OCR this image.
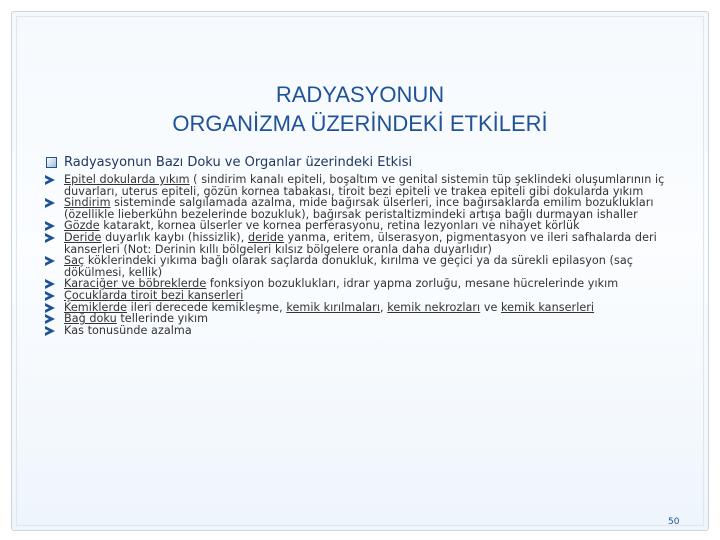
RADYASYONUN
ORGANİZMA ÜZERİNDEKİ ETKİLERİ
Radyasyonun Bazı Doku ve Organlar üzerindeki Etkisi
Epitel dokularda yıkım ( sindirim kanalı epiteli, boşaltım ve genital sistemin tüp şeklindeki oluşumlarının iç duvarları, uterus epiteli, gözün kornea tabakası, tiroit bezi epiteli ve trakea epiteli gibi dokularda yıkım
Sindirim sisteminde salgılamada azalma, mide bağırsak ülserleri, ince bağırsaklarda emilim bozuklukları (özellikle lieberkühn bezelerinde bozukluk), bağırsak peristaltizmindeki artışa bağlı durmayan ishaller
Gözde katarakt, kornea ülserler ve kornea perferasyonu, retina lezyonları ve nihayet körlük
Deride duyarlık kaybı (hissizlik), deride yanma, eritem, ülserasyon, pigmentasyon ve ileri safhalarda deri kanserleri (Not: Derinin kıllı bölgeleri kılsız bölgelere oranla daha duyarlıdır)
Saç köklerindeki yıkıma bağlı olarak saçlarda donukluk, kırılma ve geçici ya da sürekli epilasyon (saç dökülmesi, kellik)
Karaciğer ve böbreklerde fonksiyon bozuklukları, idrar yapma zorluğu, mesane hücrelerinde yıkım
Çocuklarda tiroit bezi kanserleri
Kemiklerde ileri derecede kemikleşme, kemik kırılmaları, kemik nekrozları ve kemik kanserleri
Bağ doku tellerinde yıkım
Kas tonusünde azalma
50
